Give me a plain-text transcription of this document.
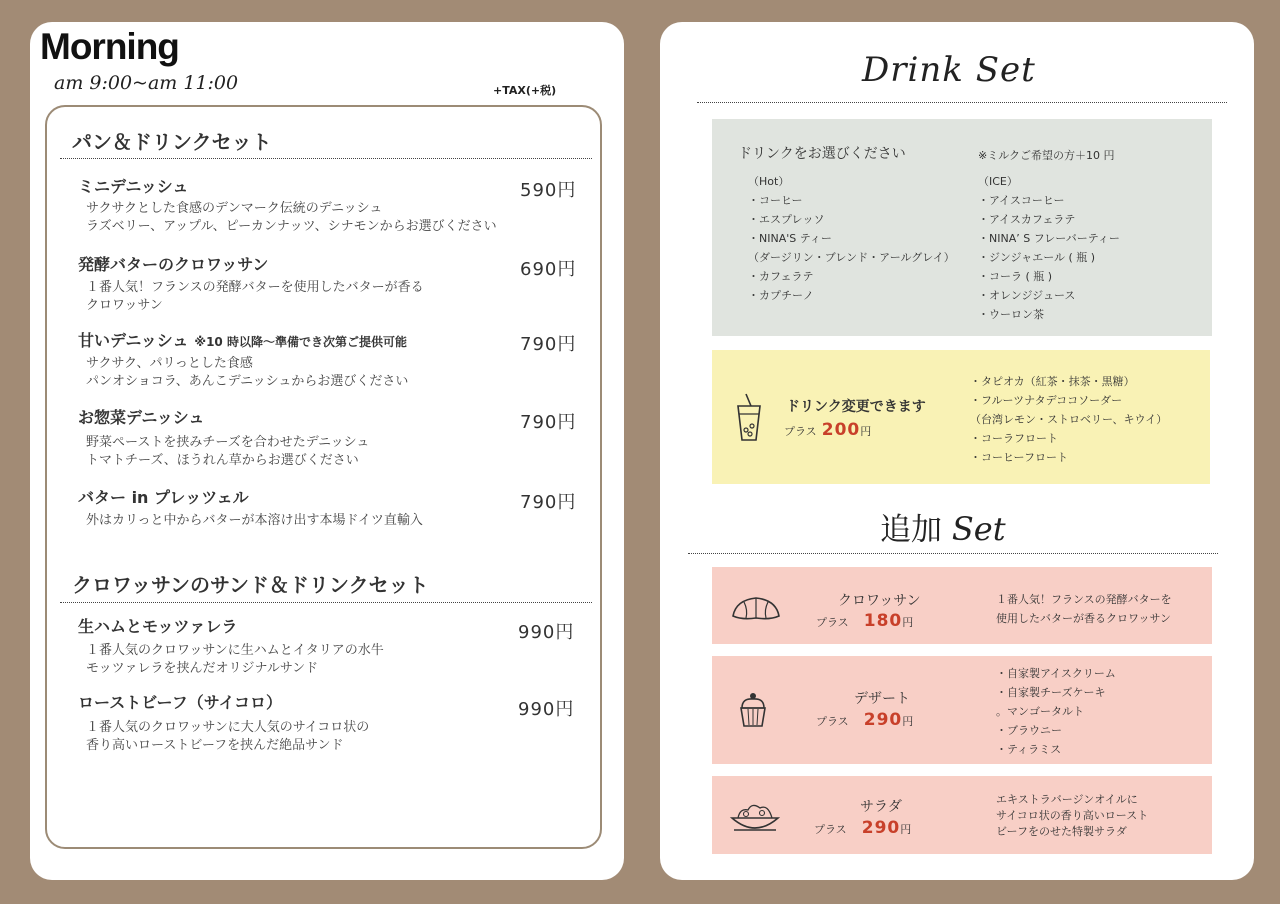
Morning
am 9:00~am 11:00	+TAX(+税)
パン＆ドリンクセット
ミニデニッシュ	590円
サクサクとした食感のデンマーク伝統のデニッシュ
ラズベリー、アップル、ピーカンナッツ、シナモンからお選びください
発酵バターのクロワッサン	690円
１番人気！フランスの発酵バターを使用したバターが香る
クロワッサン
甘いデニッシュ ※10 時以降～準備でき次第ご提供可能	790円
サクサク、パリっとした食感
パンオショコラ、あんこデニッシュからお選びください
お惣菜デニッシュ	790円
野菜ペーストを挟みチーズを合わせたデニッシュ
トマトチーズ、ほうれん草からお選びください
バター in プレッツェル	790円
外はカリっと中からバターが本溶け出す本場ドイツ直輸入
クロワッサンのサンド＆ドリンクセット
生ハムとモッツァレラ	990円
１番人気のクロワッサンに生ハムとイタリアの水牛
モッツァレラを挟んだオリジナルサンド
ローストビーフ（サイコロ）	990円
１番人気のクロワッサンに大人気のサイコロ状の
香り高いローストビーフを挟んだ絶品サンド
Drink Set
ドリンクをお選びください	※ミルクご希望の方＋10 円
（Hot）
・コーヒー
・エスプレッソ
・NINA'S ティー
（ダージリン・ブレンド・アールグレイ）
・カフェラテ
・カプチーノ
（ICE）
・アイスコーヒー
・アイスカフェラテ
・NINA’ S フレーバーティー
・ジンジャエール ( 瓶 )
・コーラ ( 瓶 )
・オレンジジュース
・ウーロン茶
ドリンク変更できます
プラス 200円
・タピオカ（紅茶・抹茶・黒糖）
・フルーツナタデココソーダー
（台湾レモン・ストロベリー、キウイ）
・コーラフロート
・コーヒーフロート
追加 Set
クロワッサン
プラス 180円
１番人気！フランスの発酵バターを
使用したバターが香るクロワッサン
デザート
プラス 290円
・自家製アイスクリーム
・自家製チーズケーキ
。マンゴータルト
・ブラウニー
・ティラミス
サラダ
プラス 290円
エキストラバージンオイルに
サイコロ状の香り高いロースト
ビーフをのせた特製サラダ
